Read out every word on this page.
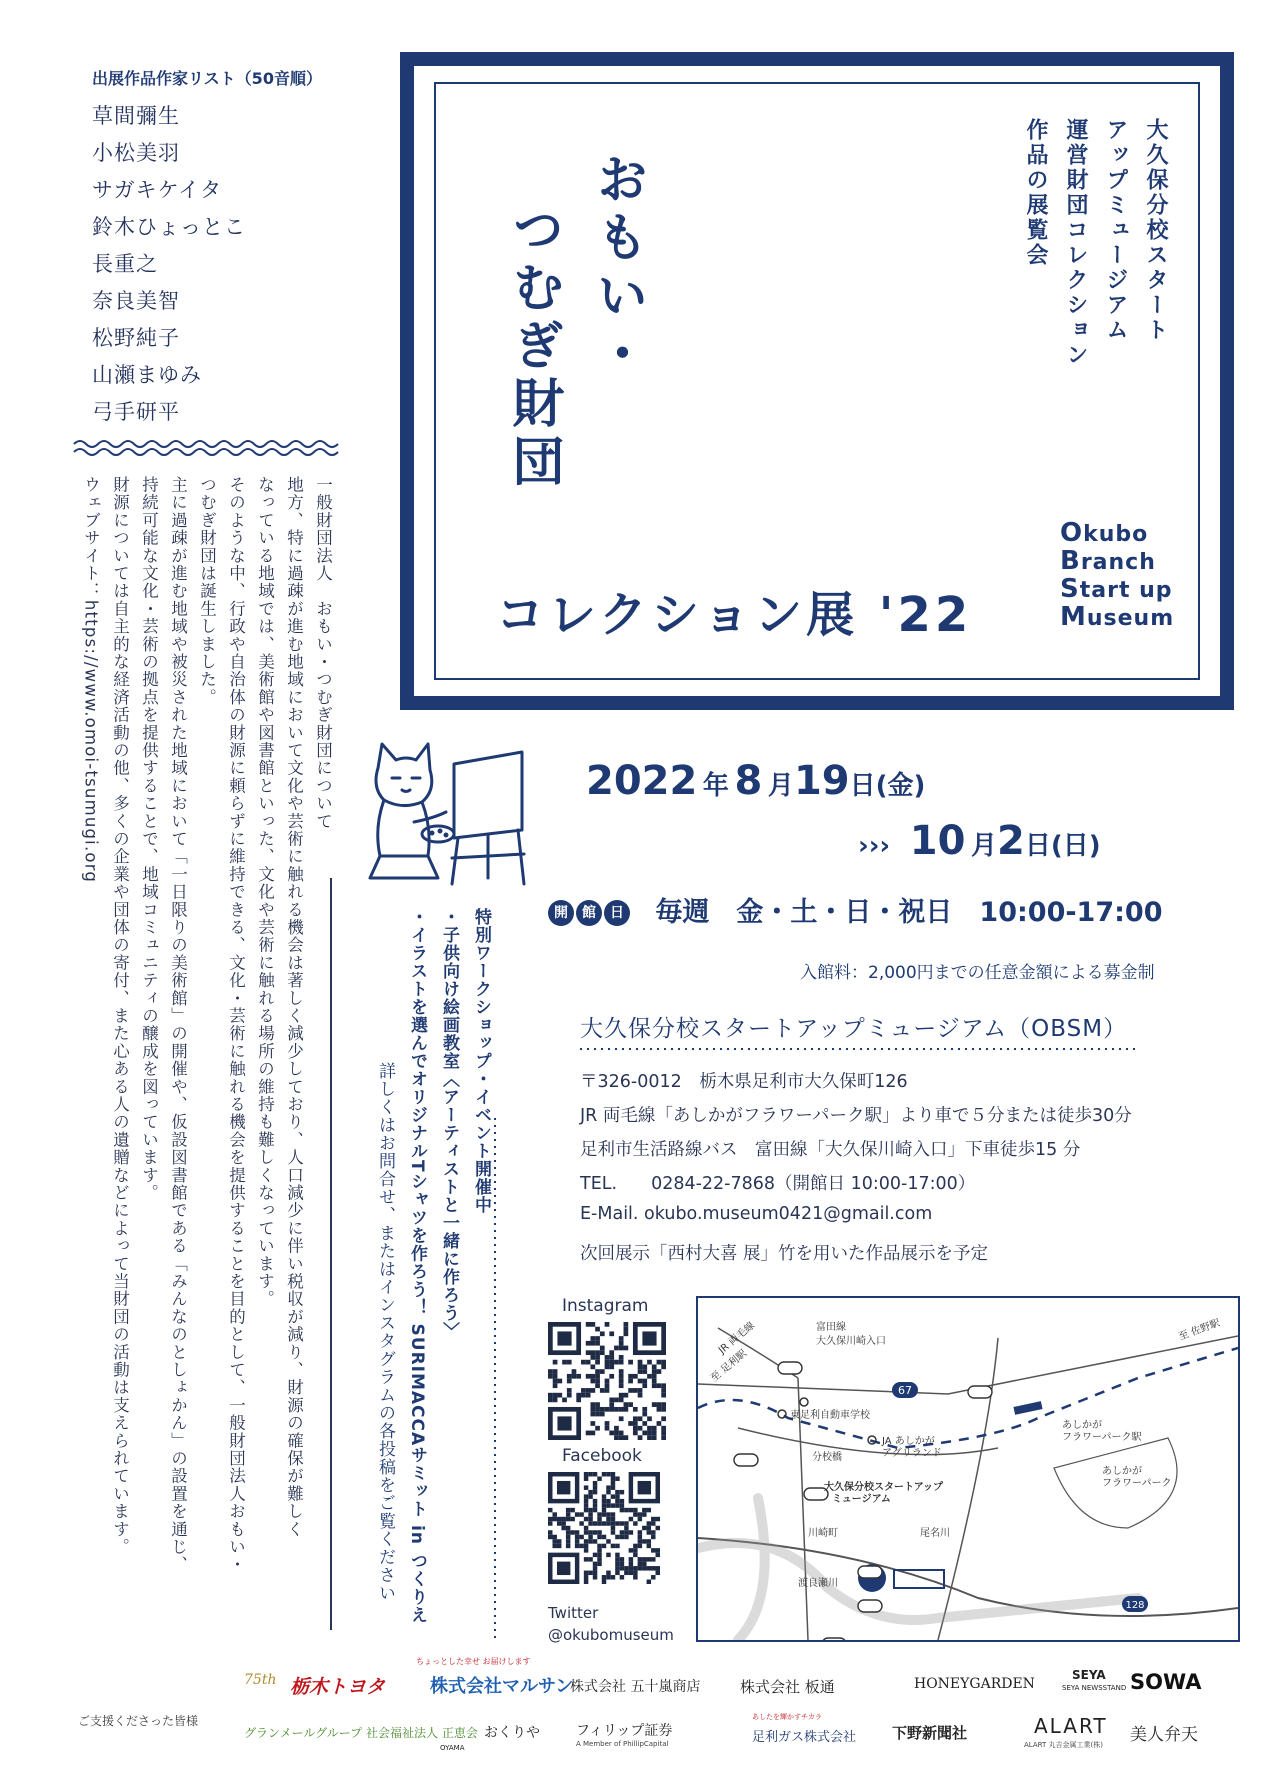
出展作品作家リスト（50音順）
草間彌生
小松美羽
サガキケイタ
鈴木ひょっとこ
長重之
奈良美智
松野純子
山瀬まゆみ
弓手研平
一般財団法人　おもい・つむぎ財団について
地方、特に過疎が進む地域において文化や芸術に触れる機会は著しく減少しており、人口減少に伴い税収が減り、財源の確保が難しく
なっている地域では、美術館や図書館といった、文化や芸術に触れる場所の維持も難しくなっています。
そのような中、行政や自治体の財源に頼らずに維持できる、文化・芸術に触れる機会を提供することを目的として、一般財団法人おもい・
つむぎ財団は誕生しました。
主に過疎が進む地域や被災された地域において「一日限りの美術館」の開催や、仮設図書館である「みんなのとしょかん」の設置を通じ、
持続可能な文化・芸術の拠点を提供することで、地域コミュニティの醸成を図っています。
財源については自主的な経済活動の他、多くの企業や団体の寄付、また心ある人の遺贈などによって当財団の活動は支えられています。
ウェブサイト：https://www.omoi-tsumugi.org
大久保分校スタート
アップミュージアム
運営財団コレクション
作品の展覧会
おもい・
つむぎ財団
コレクション展 '22
Okubo
Branch
Start up
Museum
2022 年 8 月19日(金)
››› 10 月2日(日)
開 館 日 毎週　金・土・日・祝日　10:00-17:00
入館料：2,000円までの任意金額による募金制
大久保分校スタートアップミュージアム（OBSM）
〒326-0012　栃木県足利市大久保町126
JR 両毛線「あしかがフラワーパーク駅」より車で５分または徒歩30分
足利市生活路線バス　富田線「大久保川崎入口」下車徒歩15 分
TEL. 0284-22-7868（開館日 10:00-17:00）
E-Mail. okubo.museum0421@gmail.com
次回展示「西村大喜 展」竹を用いた作品展示を予定
特別ワークショップ・イベント開催中
・子供向け絵画教室〈アーティストと一緒に作ろう〉
・イラストを選んでオリジナルTシャツを作ろう！ SURIMACCAサミット in つくりえ
詳しくはお問合せ、またはインスタグラムの各投稿をご覧ください	Instagram
Facebook
Twitter
@okubomuseum
67
128
富田線
大久保川崎入口
JR 両毛線
至 足利駅
至 佐野駅
東足利自動車学校
JA あしかが
アグリランド
あしかが
フラワーパーク駅
あしかが
フラワーパーク
分校橋
大久保分校スタートアップ
ミュージアム
川崎町	尾名川
渡良瀬川
ご支援くださった皆様
75th 栃木トヨタ
ちょっとした幸せ お届けします
株式会社マルサン
株式会社 五十嵐商店	株式会社 板通	HONEYGARDEN
SEYA
SEYA NEWSSTAND SOWA
グランメールグループ 社会福祉法人 正恵会 おくりや
OYAMA
フィリップ証券
A Member of PhillipCapital
あしたを輝かすチカラ
足利ガス株式会社 下野新聞社	ALART
ALART 丸吉金属工業(株) 美人弁天
